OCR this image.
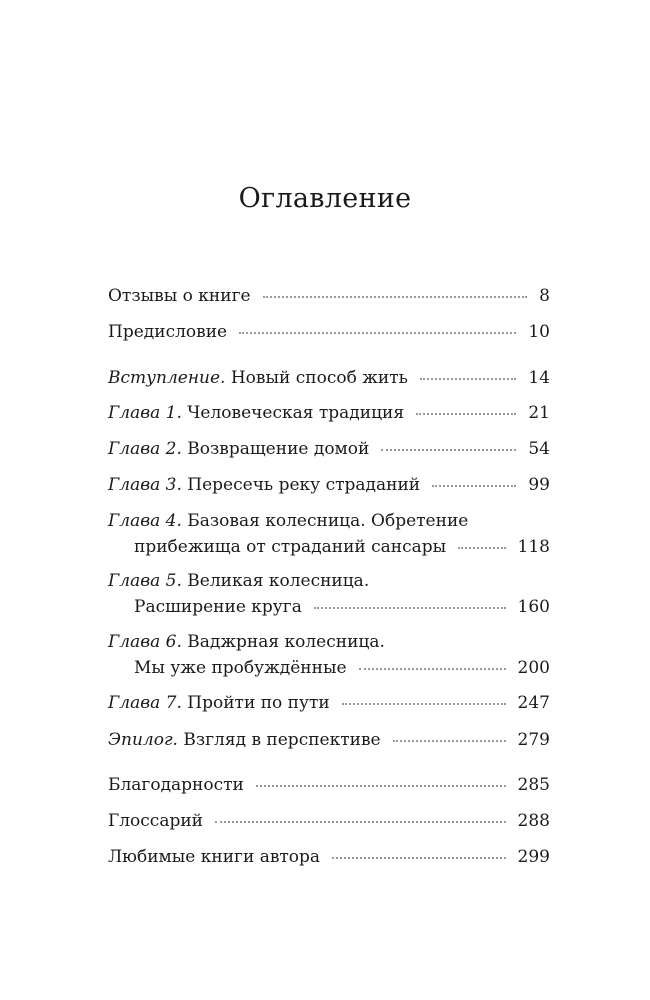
Оглавление
Отзывы о книге	8
Предисловие	10
Вступление. Новый способ жить	14
Глава 1. Человеческая традиция	21
Глава 2. Возвращение домой	54
Глава 3. Пересечь реку страданий	99
Глава 4. Базовая колесница. Обретение
прибежища от страданий сансары	118
Глава 5. Великая колесница.
Расширение круга	160
Глава 6. Ваджрная колесница.
Мы уже пробуждённые	200
Глава 7. Пройти по пути	247
Эпилог. Взгляд в перспективе	279
Благодарности	285
Глоссарий	288
Любимые книги автора	299
